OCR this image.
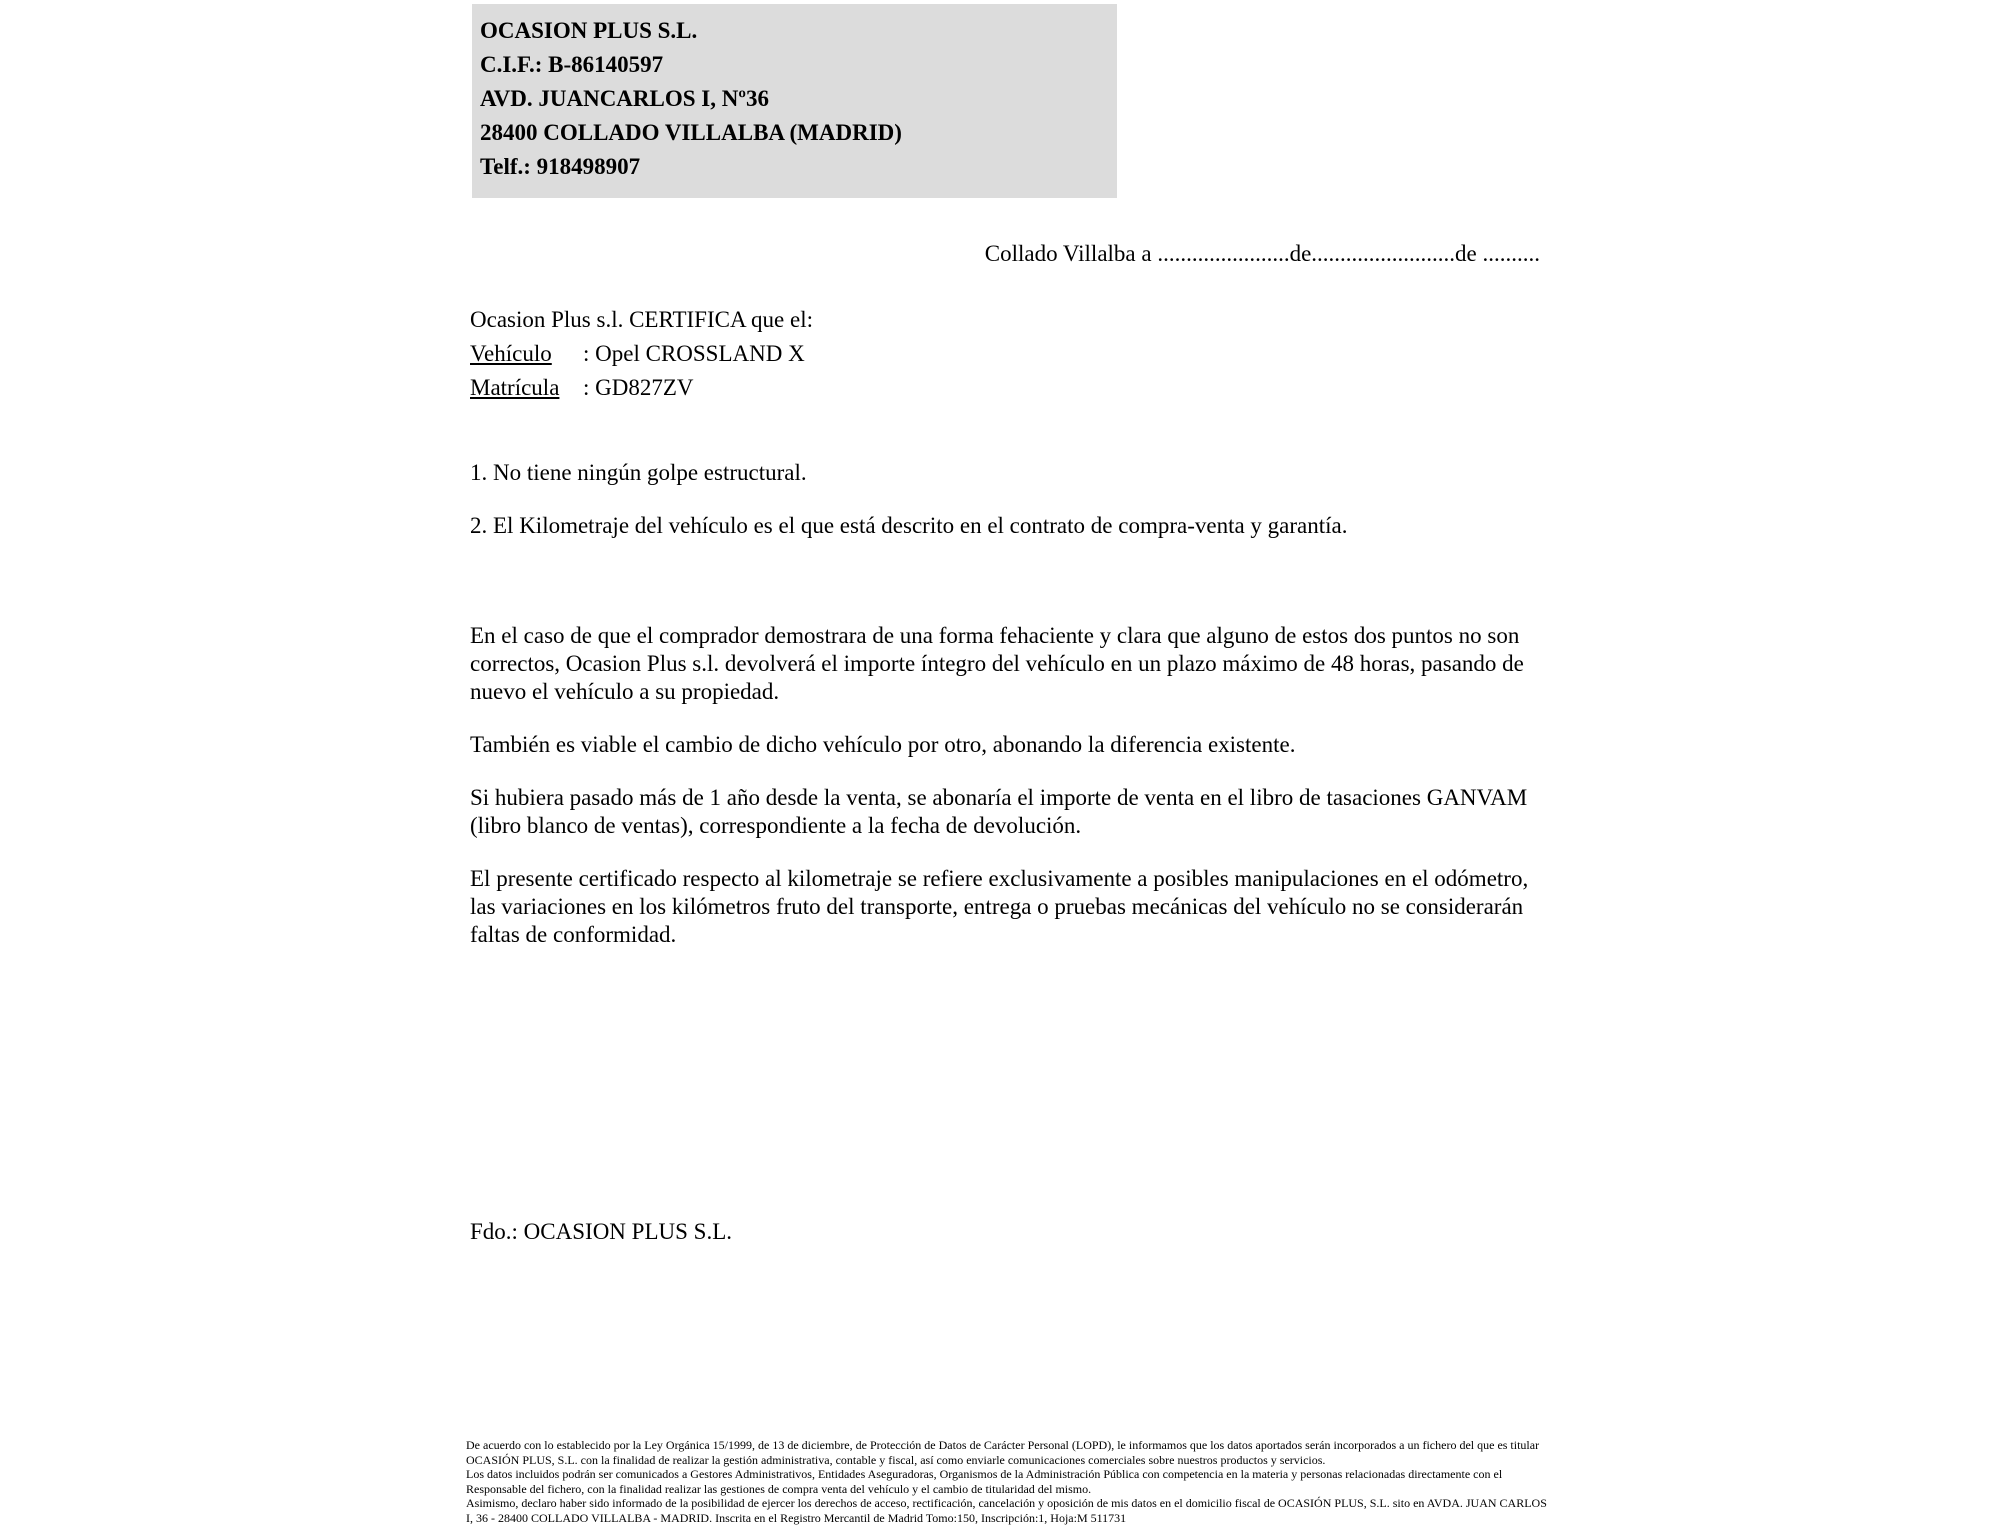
OCASION PLUS S.L.
C.I.F.: B-86140597
AVD. JUANCARLOS I, Nº36
28400 COLLADO VILLALBA (MADRID)
Telf.: 918498907
Collado Villalba a .......................de.........................de ..........
Ocasion Plus s.l. CERTIFICA que el:
Vehículo : Opel CROSSLAND X
Matrícula : GD827ZV
1. No tiene ningún golpe estructural.
2. El Kilometraje del vehículo es el que está descrito en el contrato de compra-venta y garantía.

En el caso de que el comprador demostrara de una forma fehaciente y clara que alguno de estos dos puntos no son correctos, Ocasion Plus s.l. devolverá el importe íntegro del vehículo en un plazo máximo de 48 horas, pasando de nuevo el vehículo a su propiedad.

También es viable el cambio de dicho vehículo por otro, abonando la diferencia existente.

Si hubiera pasado más de 1 año desde la venta, se abonaría el importe de venta en el libro de tasaciones GANVAM (libro blanco de ventas), correspondiente a la fecha de devolución.

El presente certificado respecto al kilometraje se refiere exclusivamente a posibles manipulaciones en el odómetro, las variaciones en los kilómetros fruto del transporte, entrega o pruebas mecánicas del vehículo no se considerarán faltas de conformidad.

Fdo.: OCASION PLUS S.L.

De acuerdo con lo establecido por la Ley Orgánica 15/1999, de 13 de diciembre, de Protección de Datos de Carácter Personal (LOPD), le informamos que los datos aportados serán incorporados a un fichero del que es titular OCASIÓN PLUS, S.L. con la finalidad de realizar la gestión administrativa, contable y fiscal, así como enviarle comunicaciones comerciales sobre nuestros productos y servicios.

Los datos incluidos podrán ser comunicados a Gestores Administrativos, Entidades Aseguradoras, Organismos de la Administración Pública con competencia en la materia y personas relacionadas directamente con el Responsable del fichero, con la finalidad realizar las gestiones de compra venta del vehículo y el cambio de titularidad del mismo.

Asimismo, declaro haber sido informado de la posibilidad de ejercer los derechos de acceso, rectificación, cancelación y oposición de mis datos en el domicilio fiscal de OCASIÓN PLUS, S.L. sito en AVDA. JUAN CARLOS I, 36 - 28400 COLLADO VILLALBA - MADRID. Inscrita en el Registro Mercantil de Madrid Tomo:150, Inscripción:1, Hoja:M 511731
